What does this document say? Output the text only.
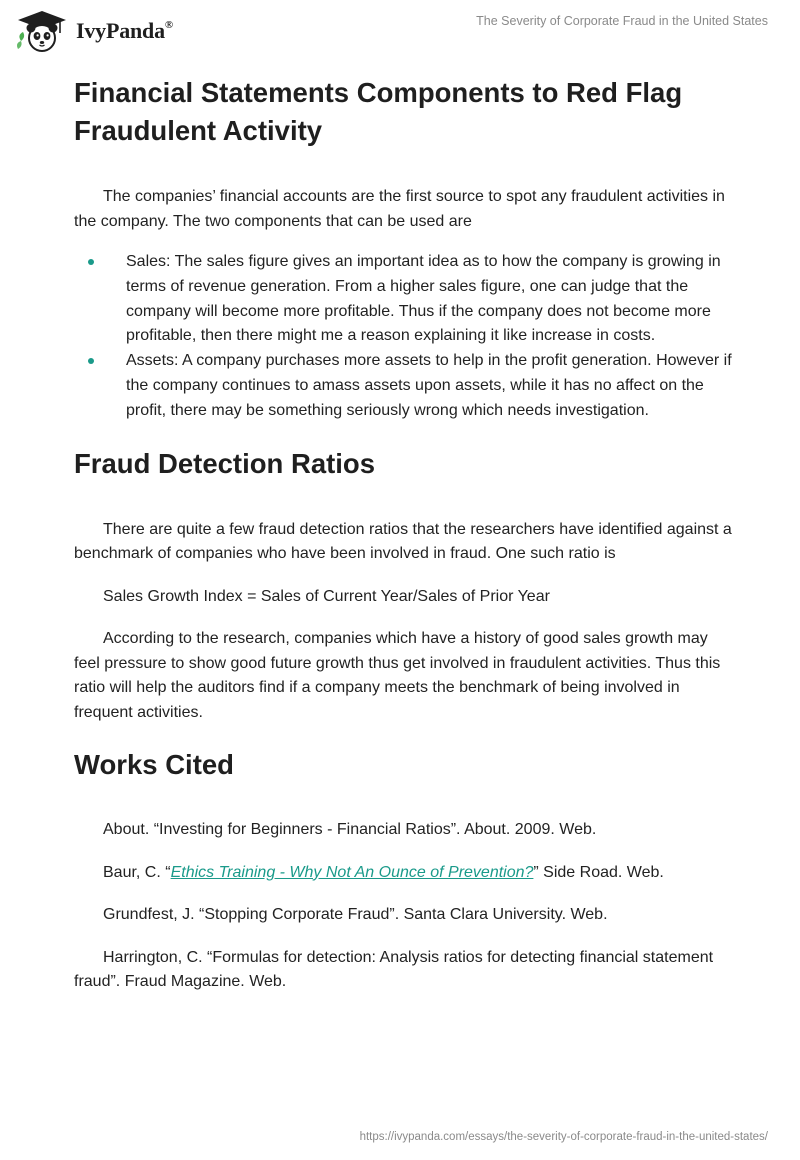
IvyPanda®	The Severity of Corporate Fraud in the United States
Financial Statements Components to Red Flag Fraudulent Activity

The companies’ financial accounts are the first source to spot any fraudulent activities in the company. The two components that can be used are

Sales: The sales figure gives an important idea as to how the company is growing in terms of revenue generation. From a higher sales figure, one can judge that the company will become more profitable. Thus if the company does not become more profitable, then there might me a reason explaining it like increase in costs.
Assets: A company purchases more assets to help in the profit generation. However if the company continues to amass assets upon assets, while it has no affect on the profit, there may be something seriously wrong which needs investigation.
Fraud Detection Ratios

There are quite a few fraud detection ratios that the researchers have identified against a benchmark of companies who have been involved in fraud. One such ratio is

Sales Growth Index = Sales of Current Year/Sales of Prior Year

According to the research, companies which have a history of good sales growth may feel pressure to show good future growth thus get involved in fraudulent activities. Thus this ratio will help the auditors find if a company meets the benchmark of being involved in frequent activities.

Works Cited

About. “Investing for Beginners - Financial Ratios”. About. 2009. Web.

Baur, C. “Ethics Training - Why Not An Ounce of Prevention?” Side Road. Web.

Grundfest, J. “Stopping Corporate Fraud”. Santa Clara University. Web.

Harrington, C. “Formulas for detection: Analysis ratios for detecting financial statement fraud”. Fraud Magazine. Web.

https://ivypanda.com/essays/the-severity-of-corporate-fraud-in-the-united-states/
